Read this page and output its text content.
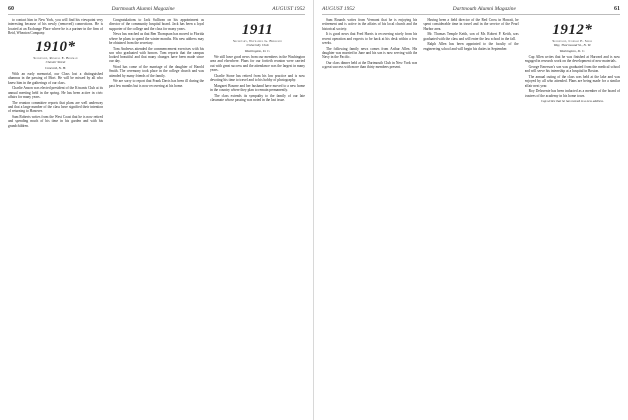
60	Dartmouth Alumni Magazine	AUGUST 1952

to contact him in New York, you will find his viewpoint very interesting because of his newly (removed) connections. He is located at an Exchange Place where he is a partner in the firm of Reid, Wheaton Company.

1910*
Secretary, Russell E. Bowman
Chester Street
Concord, N. H.

With an early memorial, our Class lost a distinguished alumnus in the passing of Mort. He will be missed by all who knew him in the gatherings of our class.

Charlie Anson was elected president of the Kiwanis Club at its annual meeting held in the spring. He has been active in civic affairs for many years.

The reunion committee reports that plans are well underway and that a large number of the class have signified their intention of returning to Hanover.

Sam Roberts writes from the West Coast that he is now retired and spending much of his time in his garden and with his grandchildren.

Congratulations to Jack Sullivan on his appointment as director of the community hospital board. Jack has been a loyal supporter of the college and the class for many years.

News has reached us that Ben Thompson has moved to Florida where he plans to spend the winter months. His new address may be obtained from the secretary.

Tom Andrews attended the commencement exercises with his son who graduated with honors. Tom reports that the campus looked beautiful and that many changes have been made since our day.

Word has come of the marriage of the daughter of Harold Smith. The ceremony took place in the college church and was attended by many friends of the family.

We are sorry to report that Frank Davis has been ill during the past few months but is now recovering at his home.

1911
Secretary, Nathaniel G. Burleigh
University Club
Washington, D. C.

We still have good news from our members in the Washington area and elsewhere. Plans for our fortieth reunion were carried out with great success and the attendance was the largest in many years.

Charlie Stone has retired from his law practice and is now devoting his time to travel and to his hobby of photography.

Margaret Bourne and her husband have moved to a new home in the country where they plan to remain permanently.

The class extends its sympathy to the family of our late classmate whose passing was noted in the last issue.

AUGUST 1952	Dartmouth Alumni Magazine	61

Sam Rounds writes from Vermont that he is enjoying his retirement and is active in the affairs of his local church and the historical society.

It is good news that Fred Harris is recovering nicely from his recent operation and expects to be back at his desk within a few weeks.

The following family news comes from Arthur Allen. His daughter was married in June and his son is now serving with the Navy in the Pacific.

Our class dinner held at the Dartmouth Club in New York was a great success with more than thirty members present.

Having been a field director of the Red Cross in Hawaii, he spent considerable time in travel and in the service of the Pearl Harbor area.

Mr. Thomas Temple Keith, son of Mr. Robert P. Keith, was graduated with the class and will enter the law school in the fall.

Ralph Allen has been appointed to the faculty of the engineering school and will begin his duties in September.

1912*
Secretary, Conrad E. Snow
Way, Thornwood St., N. W.
Washington, D. C.

Cap Allen writes that he was finished at Harvard and is now engaged in research work on the development of new materials.

George Emerson's son was graduated from the medical school and will serve his internship at a hospital in Boston.

The annual outing of the class was held at the lake and was enjoyed by all who attended. Plans are being made for a similar affair next year.

Roy Delavenie has been inducted as a member of the board of trustees of the academy in his home town.

Cap writes that he has moved to a new address.
